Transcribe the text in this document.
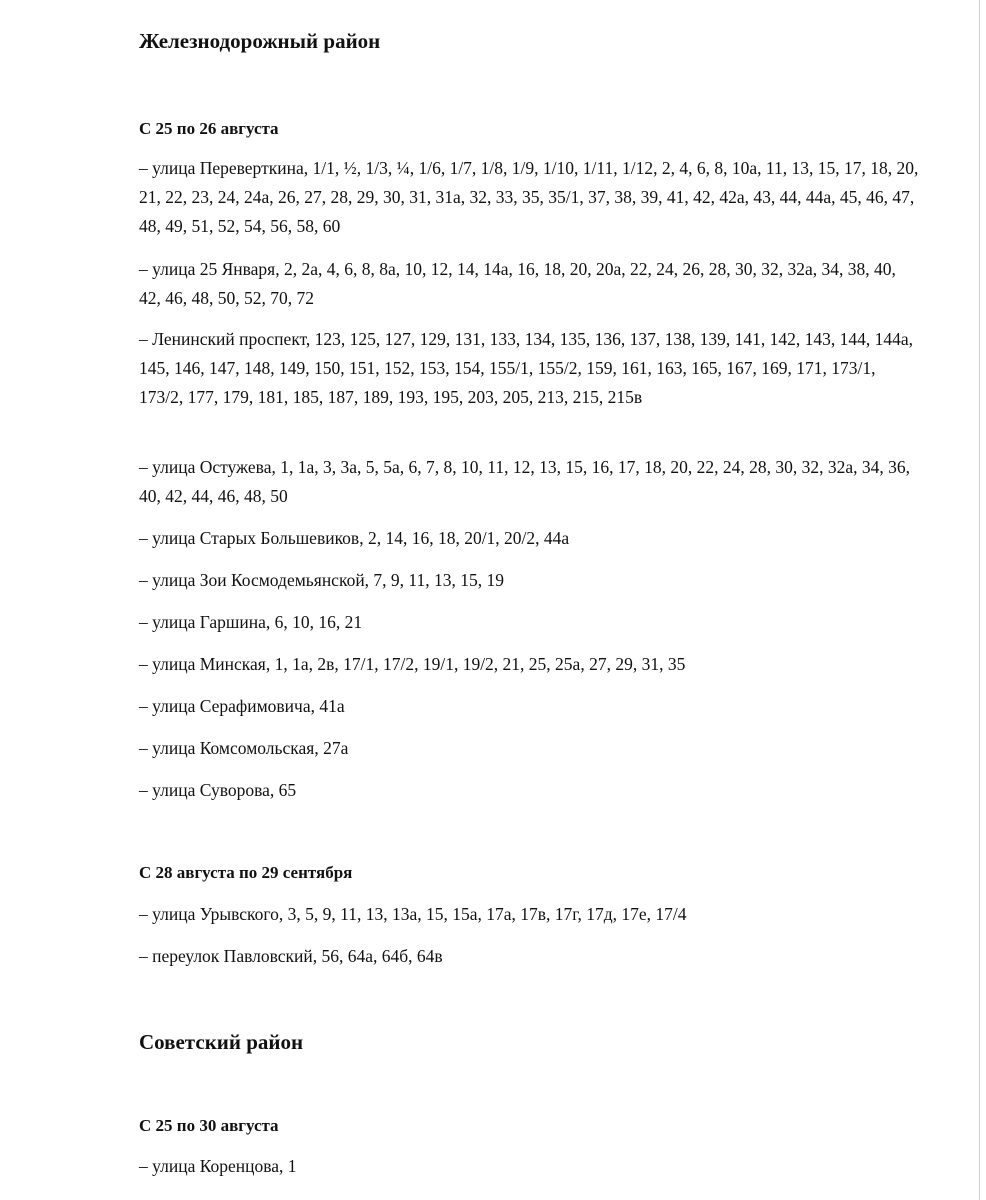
Железнодорожный район
С 25 по 26 августа

– улица Переверткина, 1/1, ½, 1/3, ¼, 1/6, 1/7, 1/8, 1/9, 1/10, 1/11, 1/12, 2, 4, 6, 8, 10а, 11, 13, 15, 17, 18, 20, 21, 22, 23, 24, 24а, 26, 27, 28, 29, 30, 31, 31а, 32, 33, 35, 35/1, 37, 38, 39, 41, 42, 42а, 43, 44, 44а, 45, 46, 47, 48, 49, 51, 52, 54, 56, 58, 60

– улица 25 Января, 2, 2а, 4, 6, 8, 8а, 10, 12, 14, 14а, 16, 18, 20, 20а, 22, 24, 26, 28, 30, 32, 32а, 34, 38, 40, 42, 46, 48, 50, 52, 70, 72

– Ленинский проспект, 123, 125, 127, 129, 131, 133, 134, 135, 136, 137, 138, 139, 141, 142, 143, 144, 144а, 145, 146, 147, 148, 149, 150, 151, 152, 153, 154, 155/1, 155/2, 159, 161, 163, 165, 167, 169, 171, 173/1, 173/2, 177, 179, 181, 185, 187, 189, 193, 195, 203, 205, 213, 215, 215в

– улица Остужева, 1, 1а, 3, 3а, 5, 5а, 6, 7, 8, 10, 11, 12, 13, 15, 16, 17, 18, 20, 22, 24, 28, 30, 32, 32а, 34, 36, 40, 42, 44, 46, 48, 50

– улица Старых Большевиков, 2, 14, 16, 18, 20/1, 20/2, 44а

– улица Зои Космодемьянской, 7, 9, 11, 13, 15, 19

– улица Гаршина, 6, 10, 16, 21

– улица Минская, 1, 1а, 2в, 17/1, 17/2, 19/1, 19/2, 21, 25, 25а, 27, 29, 31, 35

– улица Серафимовича, 41а

– улица Комсомольская, 27а

– улица Суворова, 65

С 28 августа по 29 сентября

– улица Урывского, 3, 5, 9, 11, 13, 13а, 15, 15а, 17а, 17в, 17г, 17д, 17е, 17/4

– переулок Павловский, 56, 64а, 64б, 64в

Советский район
С 25 по 30 августа

– улица Коренцова, 1
